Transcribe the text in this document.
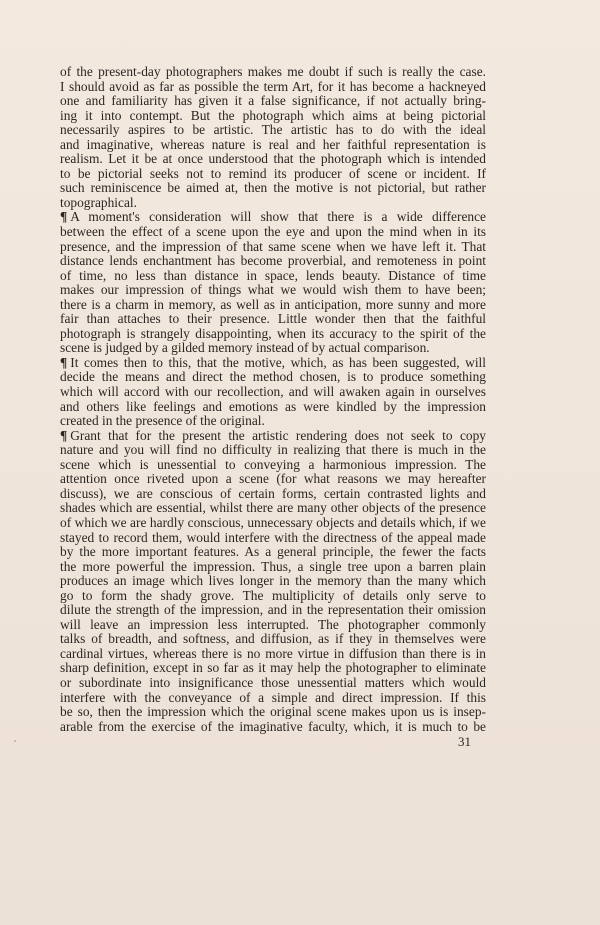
of the present-day photographers makes me doubt if such is really the case.
I should avoid as far as possible the term Art, for it has become a hackneyed
one and familiarity has given it a false significance, if not actually bring-
ing it into contempt. But the photograph which aims at being pictorial
necessarily aspires to be artistic. The artistic has to do with the ideal
and imaginative, whereas nature is real and her faithful representation is
realism. Let it be at once understood that the photograph which is intended
to be pictorial seeks not to remind its producer of scene or incident. If
such reminiscence be aimed at, then the motive is not pictorial, but rather
topographical.
¶ A moment's consideration will show that there is a wide difference
between the effect of a scene upon the eye and upon the mind when in its
presence, and the impression of that same scene when we have left it. That
distance lends enchantment has become proverbial, and remoteness in point
of time, no less than distance in space, lends beauty. Distance of time
makes our impression of things what we would wish them to have been;
there is a charm in memory, as well as in anticipation, more sunny and more
fair than attaches to their presence. Little wonder then that the faithful
photograph is strangely disappointing, when its accuracy to the spirit of the
scene is judged by a gilded memory instead of by actual comparison.
¶ It comes then to this, that the motive, which, as has been suggested, will
decide the means and direct the method chosen, is to produce something
which will accord with our recollection, and will awaken again in ourselves
and others like feelings and emotions as were kindled by the impression
created in the presence of the original.
¶ Grant that for the present the artistic rendering does not seek to copy
nature and you will find no difficulty in realizing that there is much in the
scene which is unessential to conveying a harmonious impression. The
attention once riveted upon a scene (for what reasons we may hereafter
discuss), we are conscious of certain forms, certain contrasted lights and
shades which are essential, whilst there are many other objects of the presence
of which we are hardly conscious, unnecessary objects and details which, if we
stayed to record them, would interfere with the directness of the appeal made
by the more important features. As a general principle, the fewer the facts
the more powerful the impression. Thus, a single tree upon a barren plain
produces an image which lives longer in the memory than the many which
go to form the shady grove. The multiplicity of details only serve to
dilute the strength of the impression, and in the representation their omission
will leave an impression less interrupted. The photographer commonly
talks of breadth, and softness, and diffusion, as if they in themselves were
cardinal virtues, whereas there is no more virtue in diffusion than there is in
sharp definition, except in so far as it may help the photographer to eliminate
or subordinate into insignificance those unessential matters which would
interfere with the conveyance of a simple and direct impression. If this
be so, then the impression which the original scene makes upon us is insep-
arable from the exercise of the imaginative faculty, which, it is much to be
31
